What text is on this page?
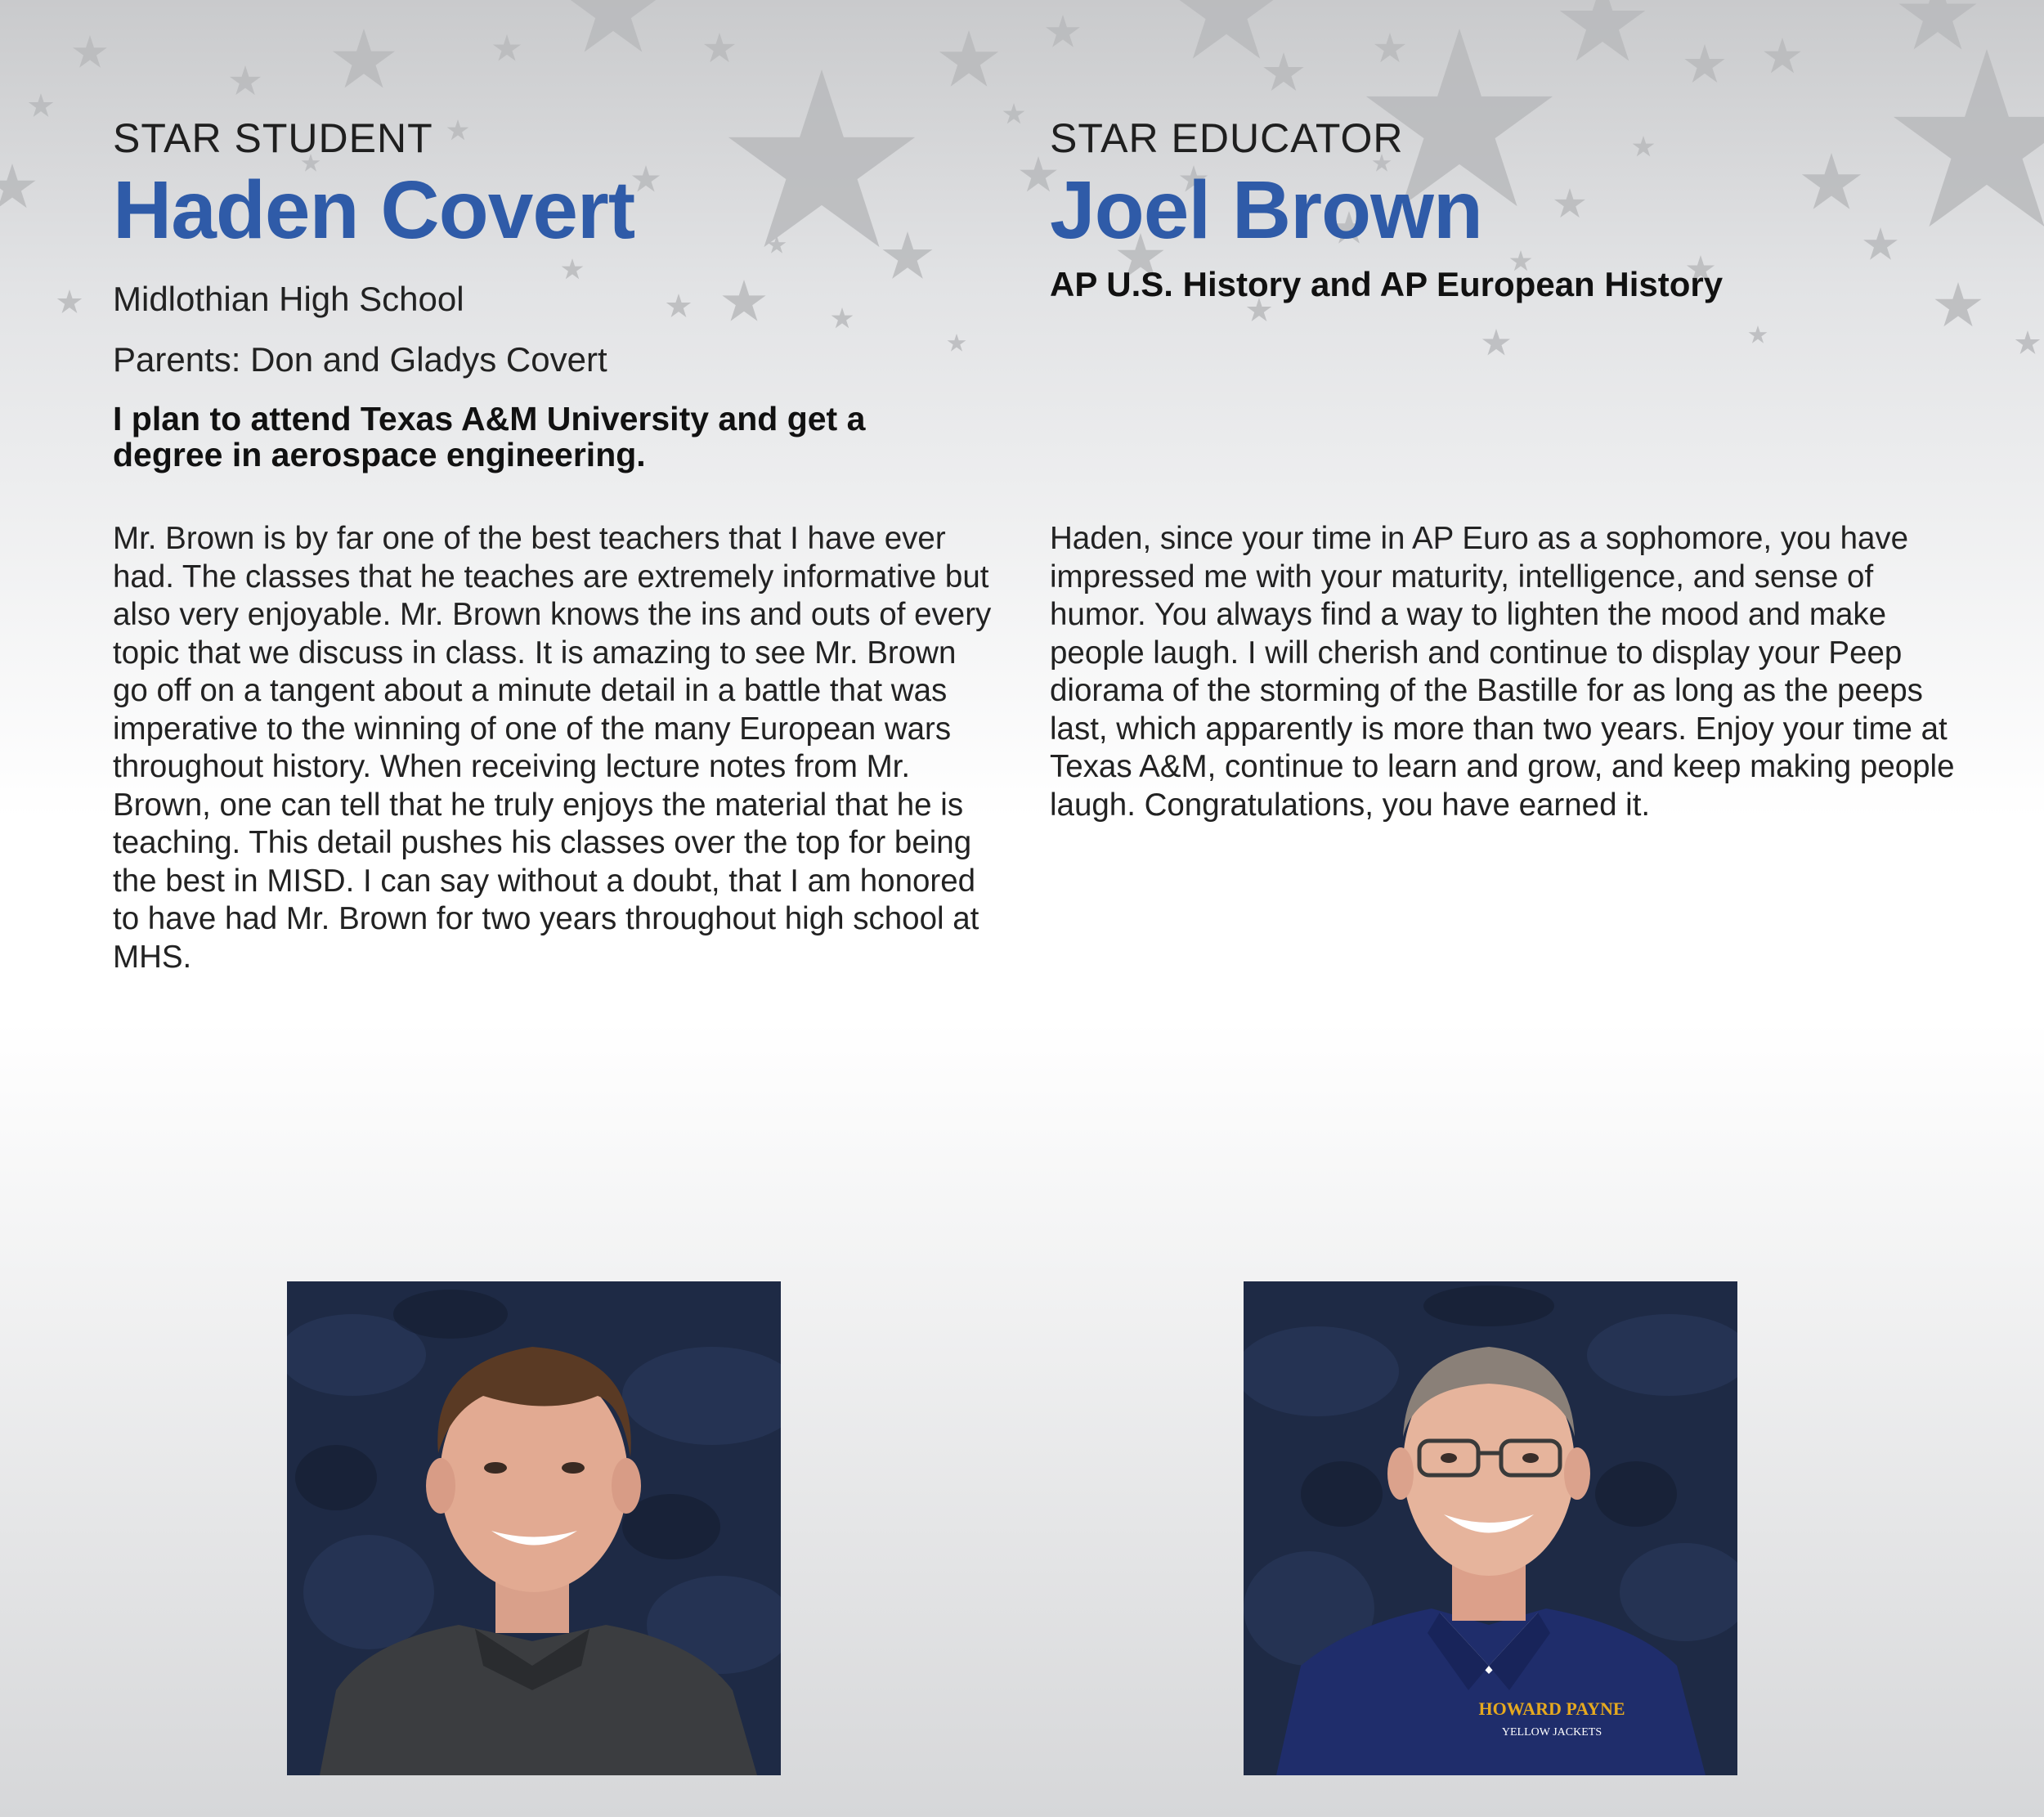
STAR STUDENT
Haden Covert
Midlothian High School
Parents: Don and Gladys Covert
I plan to attend Texas A&M University and get a degree in aerospace engineering.
Mr. Brown is by far one of the best teachers that I have ever had. The classes that he teaches are extremely informative but also very enjoyable. Mr. Brown knows the ins and outs of every topic that we discuss in class. It is amazing to see Mr. Brown go off on a tangent about a minute detail in a battle that was imperative to the winning of one of the many European wars throughout history. When receiving lecture notes from Mr. Brown, one can tell that he truly enjoys the material that he is teaching. This detail pushes his classes over the top for being the best in MISD. I can say without a doubt, that I am honored to have had Mr. Brown for two years throughout high school at MHS.
STAR EDUCATOR
Joel Brown
AP U.S. History and AP European History
Haden, since your time in AP Euro as a sophomore, you have impressed me with your maturity, intelligence, and sense of humor. You always find a way to lighten the mood and make people laugh. I will cherish and continue to display your Peep diorama of the storming of the Bastille for as long as the peeps last, which apparently is more than two years. Enjoy your time at Texas A&M, continue to learn and grow, and keep making people laugh. Congratulations, you have earned it.
HOWARD PAYNE
YELLOW JACKETS
